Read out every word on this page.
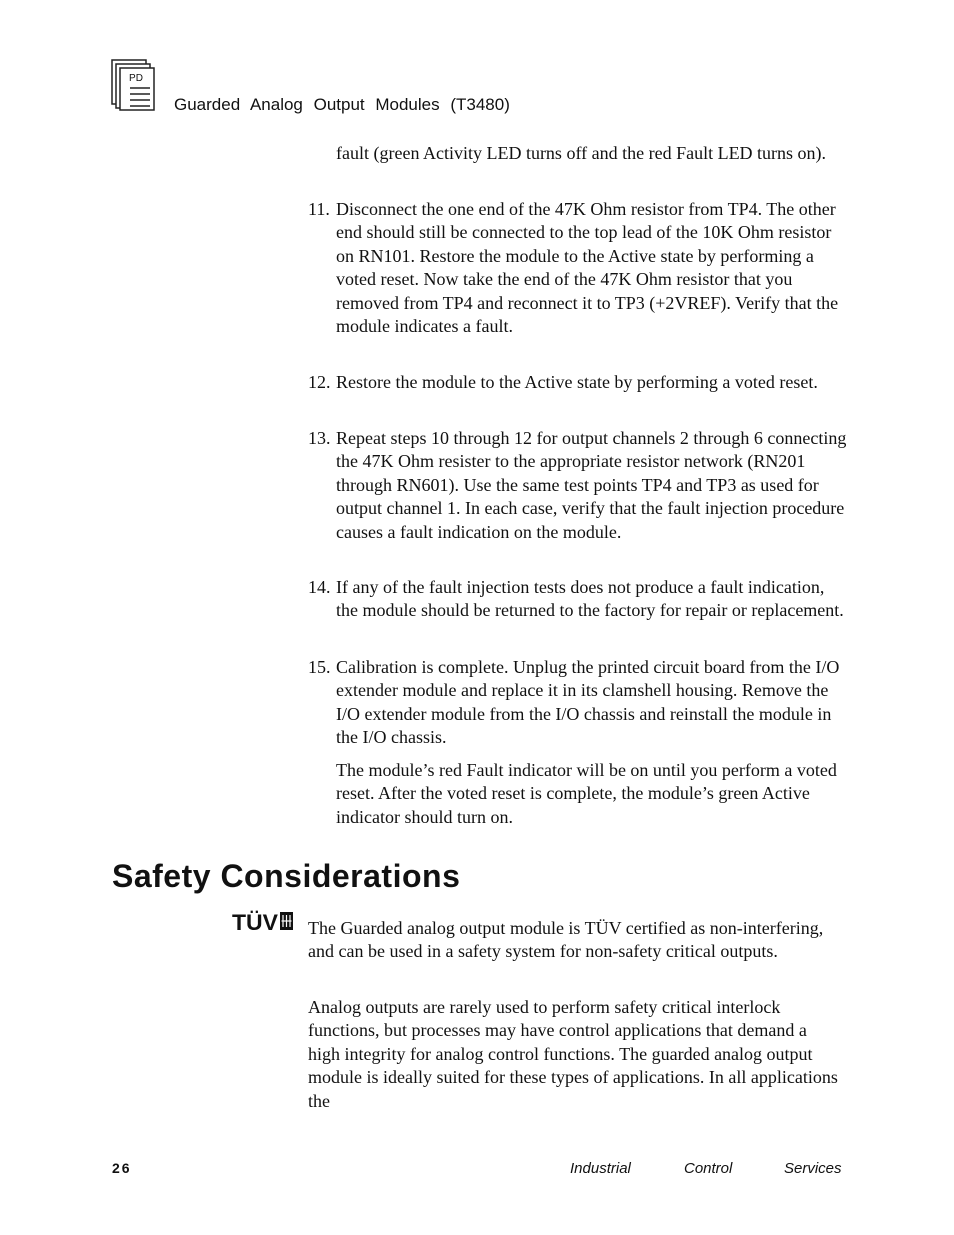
PD
Guarded Analog Output Modules (T3480)
fault (green Activity LED turns off and the red Fault LED turns on).
11. Disconnect the one end of the 47K Ohm resistor from TP4. The other end should still be connected to the top lead of the 10K Ohm resistor on RN101. Restore the module to the Active state by performing a voted reset. Now take the end of the 47K Ohm resistor that you removed from TP4 and reconnect it to TP3 (+2VREF). Verify that the module indicates a fault.
12. Restore the module to the Active state by performing a voted reset.
13. Repeat steps 10 through 12 for output channels 2 through 6 connecting the 47K Ohm resister to the appropriate resistor network (RN201 through RN601). Use the same test points TP4 and TP3 as used for output channel 1. In each case, verify that the fault injection procedure causes a fault indication on the module.
14. If any of the fault injection tests does not produce a fault indication, the module should be returned to the factory for repair or replacement.
15. Calibration is complete. Unplug the printed circuit board from the I/O extender module and replace it in its clamshell housing. Remove the I/O extender module from the I/O chassis and reinstall the module in the I/O chassis.
The module’s red Fault indicator will be on until you perform a voted reset. After the voted reset is complete, the module’s green Active indicator should turn on.
Safety Considerations
TÜV The Guarded analog output module is TÜV certified as non-interfering, and can be used in a safety system for non-safety critical outputs.
Analog outputs are rarely used to perform safety critical interlock functions, but processes may have control applications that demand a high integrity for analog control functions. The guarded analog output module is ideally suited for these types of applications. In all applications the
26	Industrial	Control	Services
